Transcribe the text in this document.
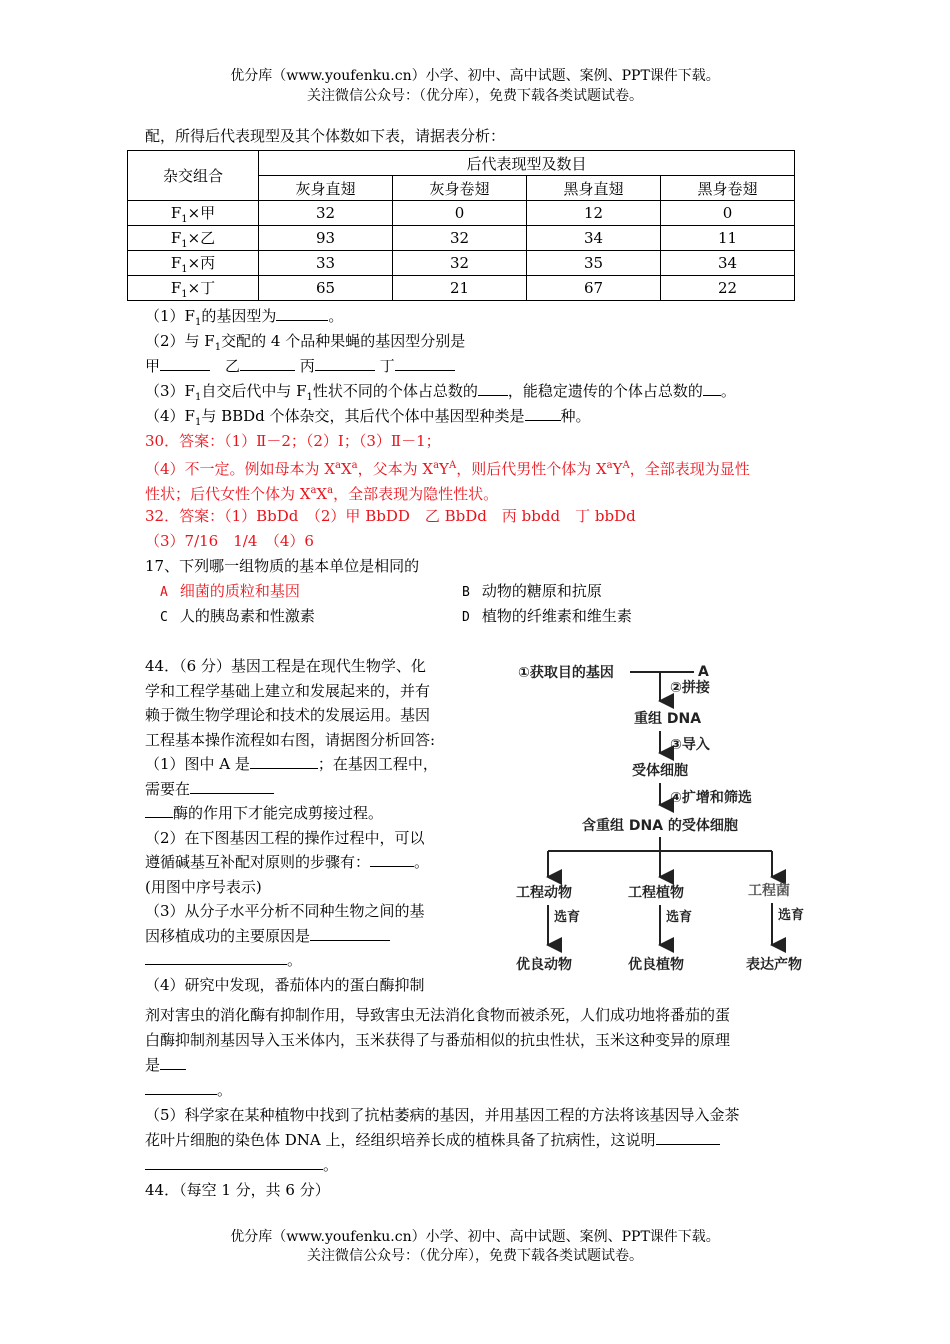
优分库（www.youfenku.cn）小学、初中、高中试题、案例、PPT课件下载。
关注微信公众号：（优分库），免费下载各类试题试卷。
配，所得后代表现型及其个体数如下表，请据表分析：
杂交组合	后代表现型及数目			
	灰身直翅	灰身卷翅	黑身直翅	黑身卷翅
$F_1\times$甲	32	0	12	0
$F_1\times$乙	93	32	34	11
$F_1\times$丙	33	32	35	34
$F_1\times$丁	65	21	67	22
$(1)F_1$的基因型为	。
（2）与 $F_1$交配的 4 个品种果蝇的基因型分别是
甲　	乙	丙	丁
$(3)F_1$自交后代中与 $F_1$性状不同的个体占总数的 ，能稳定遗传的个体占总数的 。
$(4)F_1$与 BBDd 个体杂交，其后代个体中基因型种类是 种。
30．答案：（1）Ⅱ－2；（2）Ⅰ；（3）Ⅱ－1；
（4）不一定。例如母本为 $X^aX^a$，父本为 $X^aY^A$，则后代男性个体为 $X^aY^A$，全部表现为显性
性状；后代女性个体为 $X^aX^a$，全部表现为隐性性状。
32．答案：（1）BbDd　（2）甲 BbDD　乙 BbDd　丙 bbdd　丁 bbDd
（3）7/16　1/4　（4）6
17、下列哪一组物质的基本单位是相同的
A 细菌的质粒和基因	B 动物的糖原和抗原
C 人的胰岛素和性激素	D 植物的纤维素和维生素
44．（6 分）基因工程是在现代生物学、化
学和工程学基础上建立和发展起来的，并有
赖于微生物学理论和技术的发展运用。基因
工程基本操作流程如右图，请据图分析回答:
（1）图中 A 是	；在基因工程中，
需要在
酶的作用下才能完成剪接过程。
（2）在下图基因工程的操作过程中，可以
遵循碱基互补配对原则的步骤有：	。
(用图中序号表示)
（3）从分子水平分析不同种生物之间的基
因移植成功的主要原因是
。
（4）研究中发现，番茄体内的蛋白酶抑制
剂对害虫的消化酶有抑制作用，导致害虫无法消化食物而被杀死，人们成功地将番茄的蛋
白酶抑制剂基因导入玉米体内，玉米获得了与番茄相似的抗虫性状，玉米这种变异的原理
是
。
（5）科学家在某种植物中找到了抗枯萎病的基因，并用基因工程的方法将该基因导入金茶
花叶片细胞的染色体 DNA 上，经组织培养长成的植株具备了抗病性，这说明
。
44．（每空 1 分，共 6 分）
①获取目的基因	A
②拼接
重组 DNA
③导入
受体细胞
④扩增和筛选
含重组 DNA 的受体细胞
工程动物	工程植物	工程菌
选育	选育	选育
优良动物	优良植物	表达产物
优分库（www.youfenku.cn）小学、初中、高中试题、案例、PPT课件下载。
关注微信公众号：（优分库），免费下载各类试题试卷。
